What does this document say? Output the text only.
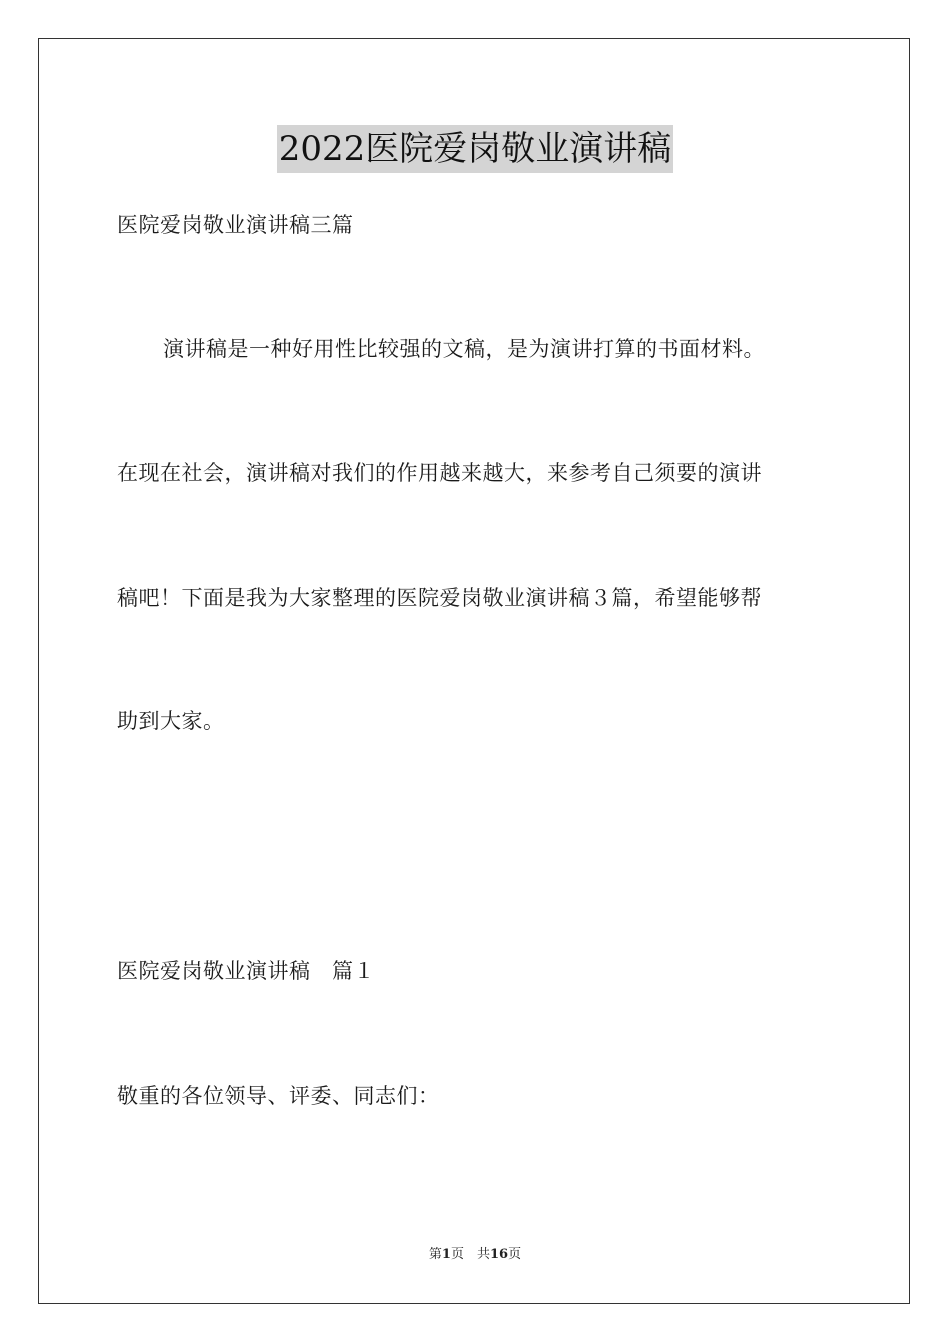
2022医院爱岗敬业演讲稿
医院爱岗敬业演讲稿三篇
演讲稿是一种好用性比较强的文稿，是为演讲打算的书面材料。
在现在社会，演讲稿对我们的作用越来越大，来参考自己须要的演讲
稿吧！下面是我为大家整理的医院爱岗敬业演讲稿３篇，希望能够帮
助到大家。
医院爱岗敬业演讲稿　篇１
敬重的各位领导、评委、同志们：
第1页　共16页
